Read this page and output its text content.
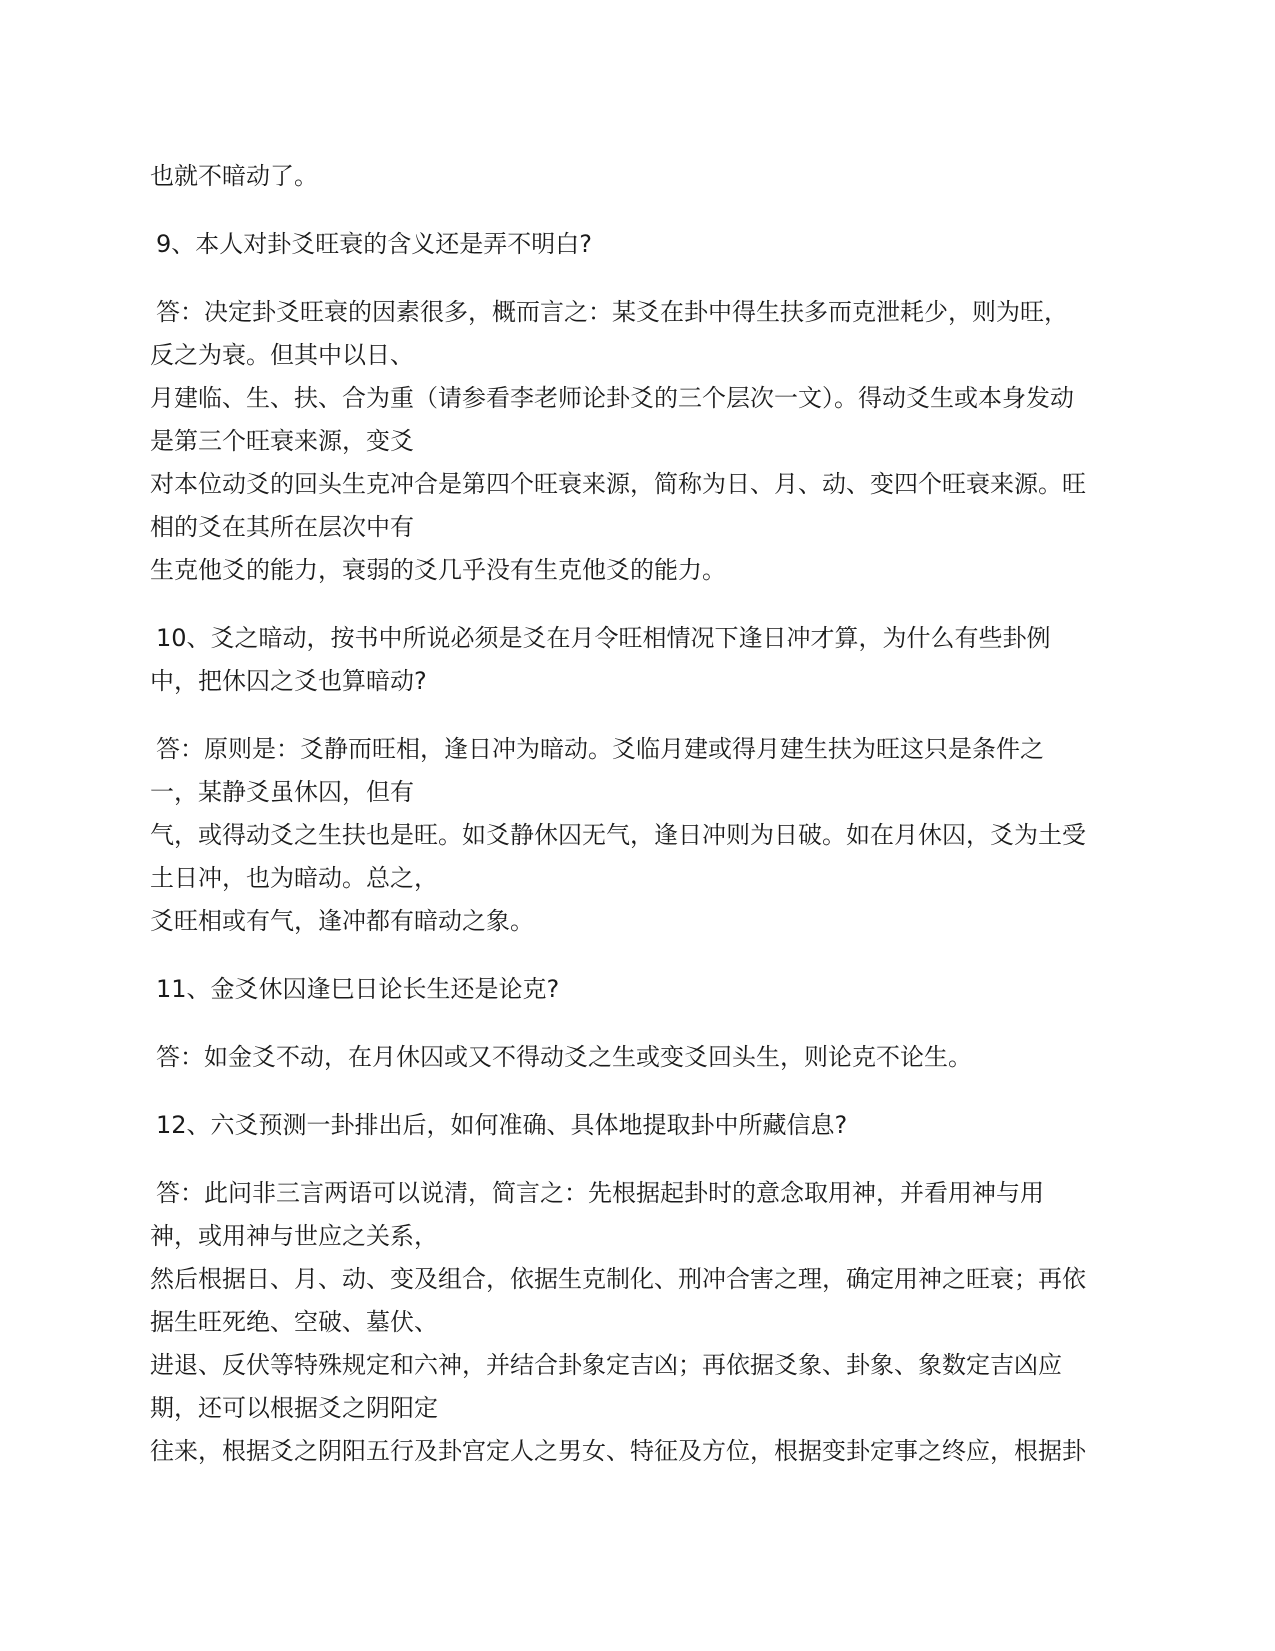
也就不暗动了。
9、本人对卦爻旺衰的含义还是弄不明白?
答：决定卦爻旺衰的因素很多，概而言之：某爻在卦中得生扶多而克泄耗少，则为旺，
反之为衰。但其中以日、
月建临、生、扶、合为重（请参看李老师论卦爻的三个层次一文）。得动爻生或本身发动
是第三个旺衰来源，变爻
对本位动爻的回头生克冲合是第四个旺衰来源，简称为日、月、动、变四个旺衰来源。旺
相的爻在其所在层次中有
生克他爻的能力，衰弱的爻几乎没有生克他爻的能力。
10、爻之暗动，按书中所说必须是爻在月令旺相情况下逢日冲才算，为什么有些卦例
中，把休囚之爻也算暗动?
答：原则是：爻静而旺相，逢日冲为暗动。爻临月建或得月建生扶为旺这只是条件之
一，某静爻虽休囚，但有
气，或得动爻之生扶也是旺。如爻静休囚无气，逢日冲则为日破。如在月休囚，爻为土受
土日冲，也为暗动。总之，
爻旺相或有气，逢冲都有暗动之象。
11、金爻休囚逢巳日论长生还是论克?
答：如金爻不动，在月休囚或又不得动爻之生或变爻回头生，则论克不论生。
12、六爻预测一卦排出后，如何准确、具体地提取卦中所藏信息?
答：此问非三言两语可以说清，简言之：先根据起卦时的意念取用神，并看用神与用
神，或用神与世应之关系，
然后根据日、月、动、变及组合，依据生克制化、刑冲合害之理，确定用神之旺衰；再依
据生旺死绝、空破、墓伏、
进退、反伏等特殊规定和六神，并结合卦象定吉凶；再依据爻象、卦象、象数定吉凶应
期，还可以根据爻之阴阳定
往来，根据爻之阴阳五行及卦宫定人之男女、特征及方位，根据变卦定事之终应，根据卦
